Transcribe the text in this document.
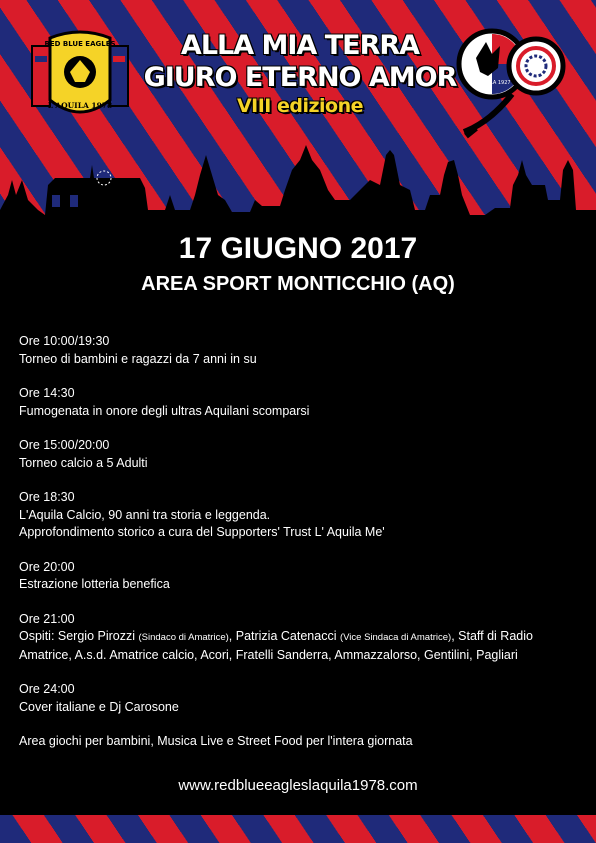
RED BLUE EAGLES
L'AQUILA 1978
L'AQUILA 1927
90
ALLA MIA TERRA
GIURO ETERNO AMOR
VIII edizione
17 GIUGNO 2017
AREA SPORT MONTICCHIO (AQ)

Ore 10:00/19:30

Torneo di bambini e ragazzi da 7 anni in su

Ore 14:30

Fumogenata in onore degli ultras Aquilani scomparsi

Ore 15:00/20:00

Torneo calcio a 5 Adulti

Ore 18:30

L'Aquila Calcio, 90 anni tra storia e leggenda.

Approfondimento storico a cura del Supporters' Trust L' Aquila Me'

Ore 20:00

Estrazione lotteria benefica

Ore 21:00

Ospiti: Sergio Pirozzi (Sindaco di Amatrice), Patrizia Catenacci (Vice Sindaca di Amatrice), Staff di Radio

Amatrice, A.s.d. Amatrice calcio, Acori, Fratelli Sanderra, Ammazzalorso, Gentilini, Pagliari

Ore 24:00

Cover italiane e Dj Carosone

Area giochi per bambini, Musica Live e Street Food per l'intera giornata

www.redblueeagleslaquila1978.com
